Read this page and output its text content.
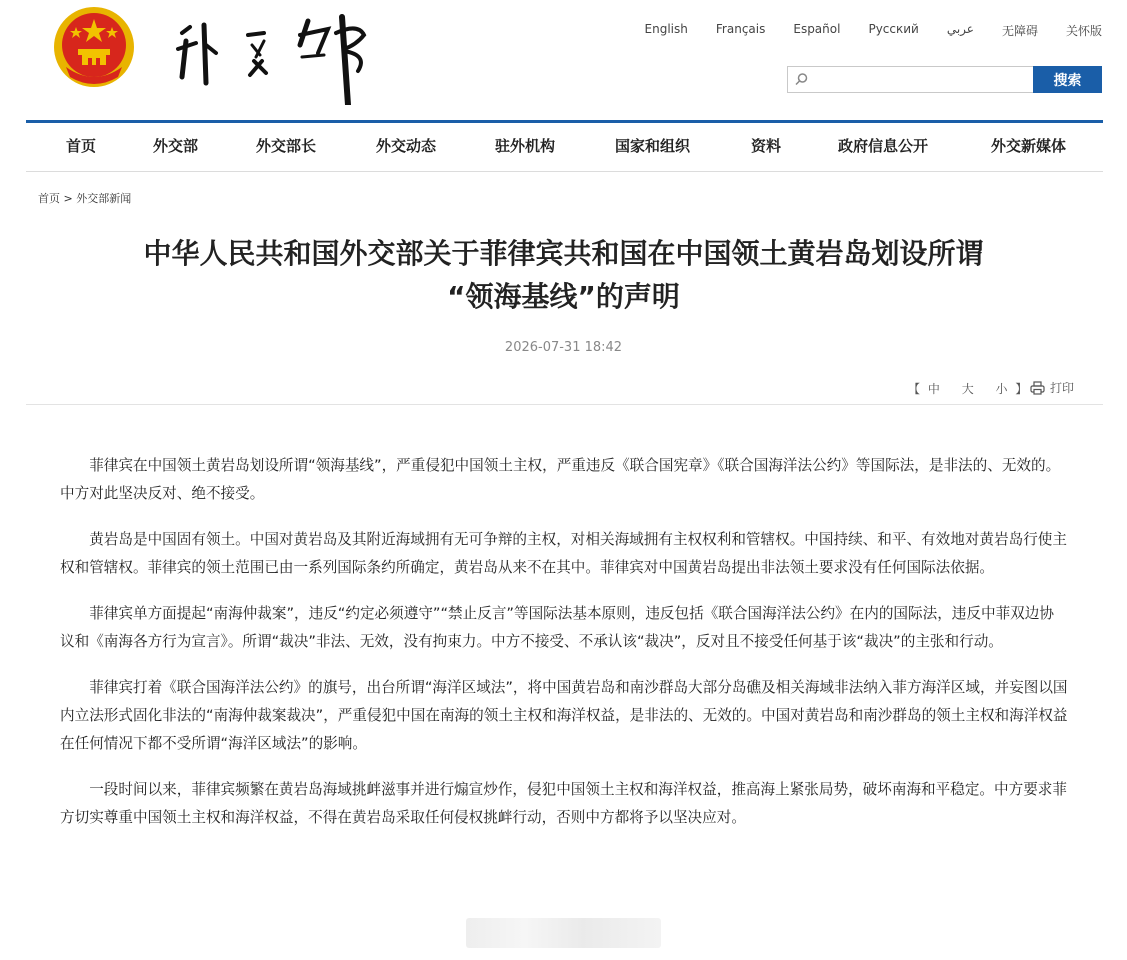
English Français Español Русский عربي 无障碍 关怀版
搜索
首页	外交部	外交部长	外交动态	驻外机构	国家和组织	资料	政府信息公开	外交新媒体
首页 > 外交部新闻
中华人民共和国外交部关于菲律宾共和国在中国领土黄岩岛划设所谓
“领海基线”的声明
2026-07-31 18:42
【 中 大 小 】 打印

菲律宾在中国领土黄岩岛划设所谓“领海基线”，严重侵犯中国领土主权，严重违反《联合国宪章》《联合国海洋法公约》等国际法，是非法的、无效的。中方对此坚决反对、绝不接受。

黄岩岛是中国固有领土。中国对黄岩岛及其附近海域拥有无可争辩的主权，对相关海域拥有主权权利和管辖权。中国持续、和平、有效地对黄岩岛行使主权和管辖权。菲律宾的领土范围已由一系列国际条约所确定，黄岩岛从来不在其中。菲律宾对中国黄岩岛提出非法领土要求没有任何国际法依据。

菲律宾单方面提起“南海仲裁案”，违反“约定必须遵守”“禁止反言”等国际法基本原则，违反包括《联合国海洋法公约》在内的国际法，违反中菲双边协议和《南海各方行为宣言》。所谓“裁决”非法、无效，没有拘束力。中方不接受、不承认该“裁决”，反对且不接受任何基于该“裁决”的主张和行动。

菲律宾打着《联合国海洋法公约》的旗号，出台所谓“海洋区域法”，将中国黄岩岛和南沙群岛大部分岛礁及相关海域非法纳入菲方海洋区域，并妄图以国内立法形式固化非法的“南海仲裁案裁决”，严重侵犯中国在南海的领土主权和海洋权益，是非法的、无效的。中国对黄岩岛和南沙群岛的领土主权和海洋权益在任何情况下都不受所谓“海洋区域法”的影响。

一段时间以来，菲律宾频繁在黄岩岛海域挑衅滋事并进行煽宣炒作，侵犯中国领土主权和海洋权益，推高海上紧张局势，破坏南海和平稳定。中方要求菲方切实尊重中国领土主权和海洋权益，不得在黄岩岛采取任何侵权挑衅行动，否则中方都将予以坚决应对。
